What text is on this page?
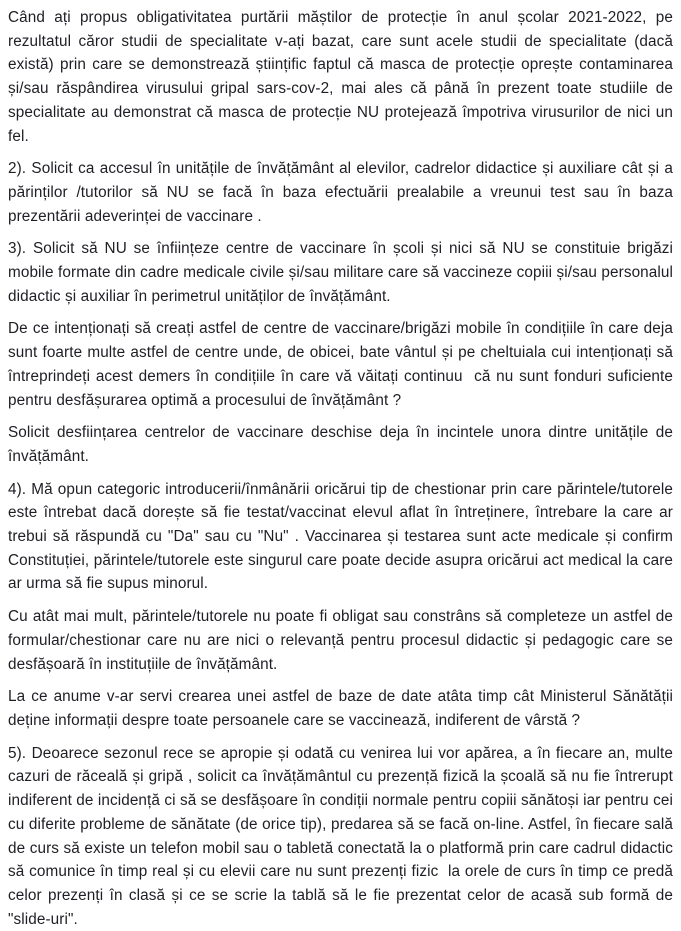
Când ați propus obligativitatea purtării măștilor de protecție în anul școlar 2021-2022, pe rezultatul căror studii de specialitate v-ați bazat, care sunt acele studii de specialitate (dacă există) prin care se demonstrează științific faptul că masca de protecție oprește contaminarea și/sau răspândirea virusului gripal sars-cov-2, mai ales că până în prezent toate studiile de specialitate au demonstrat că masca de protecție NU protejează împotriva virusurilor de nici un fel.

2). Solicit ca accesul în unitățile de învățământ al elevilor, cadrelor didactice și auxiliare cât și a părinților /tutorilor să NU se facă în baza efectuării prealabile a vreunui test sau în baza prezentării adeverinței de vaccinare .

3). Solicit să NU se înființeze centre de vaccinare în școli și nici să NU se constituie brigăzi mobile formate din cadre medicale civile și/sau militare care să vaccineze copiii și/sau personalul didactic și auxiliar în perimetrul unităților de învățământ.

De ce intenționați să creați astfel de centre de vaccinare/brigăzi mobile în condițiile în care deja sunt foarte multe astfel de centre unde, de obicei, bate vântul și pe cheltuiala cui intenționați să întreprindeți acest demers în condițiile în care vă văitați continuu  că nu sunt fonduri suficiente pentru desfășurarea optimă a procesului de învățământ ?

Solicit desființarea centrelor de vaccinare deschise deja în incintele unora dintre unitățile de învățământ.

4). Mă opun categoric introducerii/înmânării oricărui tip de chestionar prin care părintele/tutorele este întrebat dacă dorește să fie testat/vaccinat elevul aflat în întreținere, întrebare la care ar trebui să răspundă cu "Da" sau cu "Nu" . Vaccinarea și testarea sunt acte medicale și confirm Constituției, părintele/tutorele este singurul care poate decide asupra oricărui act medical la care ar urma să fie supus minorul.

Cu atât mai mult, părintele/tutorele nu poate fi obligat sau constrâns să completeze un astfel de formular/chestionar care nu are nici o relevanță pentru procesul didactic și pedagogic care se desfășoară în instituțiile de învățământ.

La ce anume v-ar servi crearea unei astfel de baze de date atâta timp cât Ministerul Sănătății deține informații despre toate persoanele care se vaccinează, indiferent de vârstă ?

5). Deoarece sezonul rece se apropie și odată cu venirea lui vor apărea, a în fiecare an, multe cazuri de răceală și gripă , solicit ca învățământul cu prezență fizică la școală să nu fie întrerupt indiferent de incidență ci să se desfășoare în condiții normale pentru copiii sănătoși iar pentru cei cu diferite probleme de sănătate (de orice tip), predarea să se facă on-line. Astfel, în fiecare sală de curs să existe un telefon mobil sau o tabletă conectată la o platformă prin care cadrul didactic să comunice în timp real și cu elevii care nu sunt prezenți fizic  la orele de curs în timp ce predă celor prezenți în clasă și ce se scrie la tablă să le fie prezentat celor de acasă sub formă de "slide-uri".
